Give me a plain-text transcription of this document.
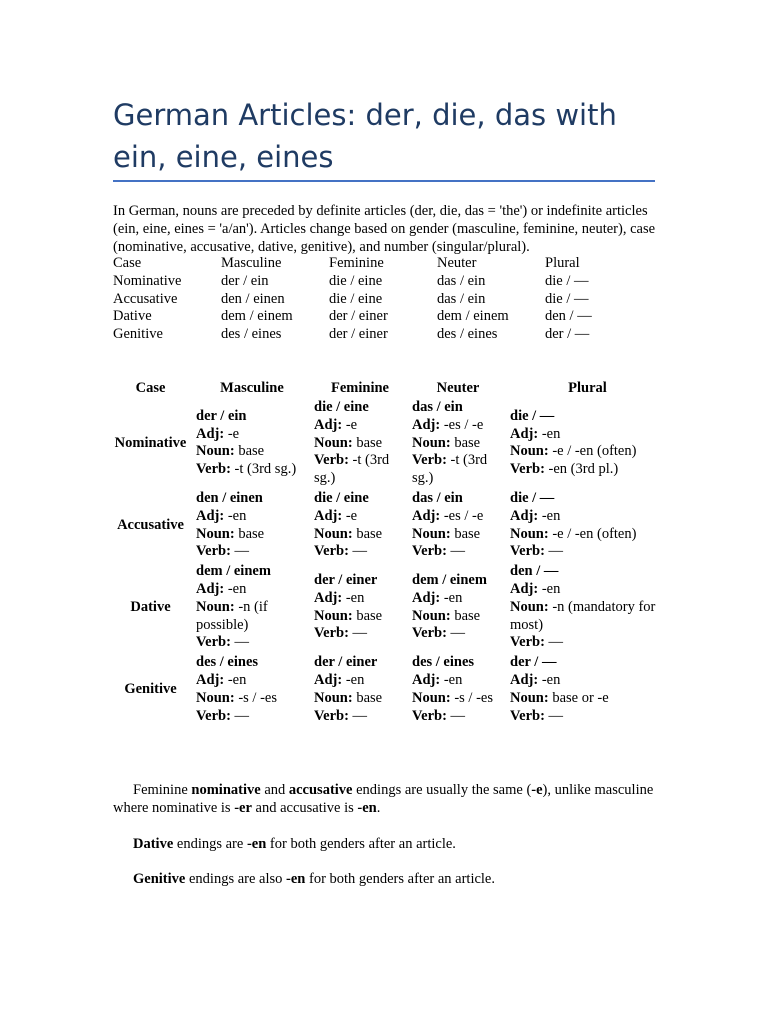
German Articles: der, die, das with ein, eine, eines

In German, nouns are preceded by definite articles (der, die, das = 'the') or indefinite articles (ein, eine, eines = 'a/an'). Articles change based on gender (masculine, feminine, neuter), case (nominative, accusative, dative, genitive), and number (singular/plural).

Case	Masculine	Feminine	Neuter	Plural
Nominative	der / ein	die / eine	das / ein	die / —
Accusative	den / einen	die / eine	das / ein	die / —
Dative	dem / einem	der / einer	dem / einem	den / —
Genitive	des / eines	der / einer	des / eines	der / —
Case	Masculine	Feminine	Neuter	Plural
Nominative	der / ein
Adj: -e
Noun: base
Verb: -t (3rd sg.)	die / eine
Adj: -e
Noun: base
Verb: -t (3rd sg.)	das / ein
Adj: -es / -e
Noun: base
Verb: -t (3rd sg.)	die / —
Adj: -en
Noun: -e / -en (often)
Verb: -en (3rd pl.)

Accusative	den / einen
Adj: -en
Noun: base
Verb: —	die / eine
Adj: -e
Noun: base
Verb: —	das / ein
Adj: -es / -e
Noun: base
Verb: —	die / —
Adj: -en
Noun: -e / -en (often)
Verb: —

Dative	dem / einem
Adj: -en
Noun: -n (if possible)
Verb: —	der / einer
Adj: -en
Noun: base
Verb: —	dem / einem
Adj: -en
Noun: base
Verb: —	den / —
Adj: -en
Noun: -n (mandatory for most)
Verb: —

Genitive	des / eines
Adj: -en
Noun: -s / -es
Verb: —	der / einer
Adj: -en
Noun: base
Verb: —	des / eines
Adj: -en
Noun: -s / -es
Verb: —	der / —
Adj: -en
Noun: base or -e
Verb: —

Feminine nominative and accusative endings are usually the same (-e), unlike masculine where nominative is -er and accusative is -en.

Dative endings are -en for both genders after an article.

Genitive endings are also -en for both genders after an article.
